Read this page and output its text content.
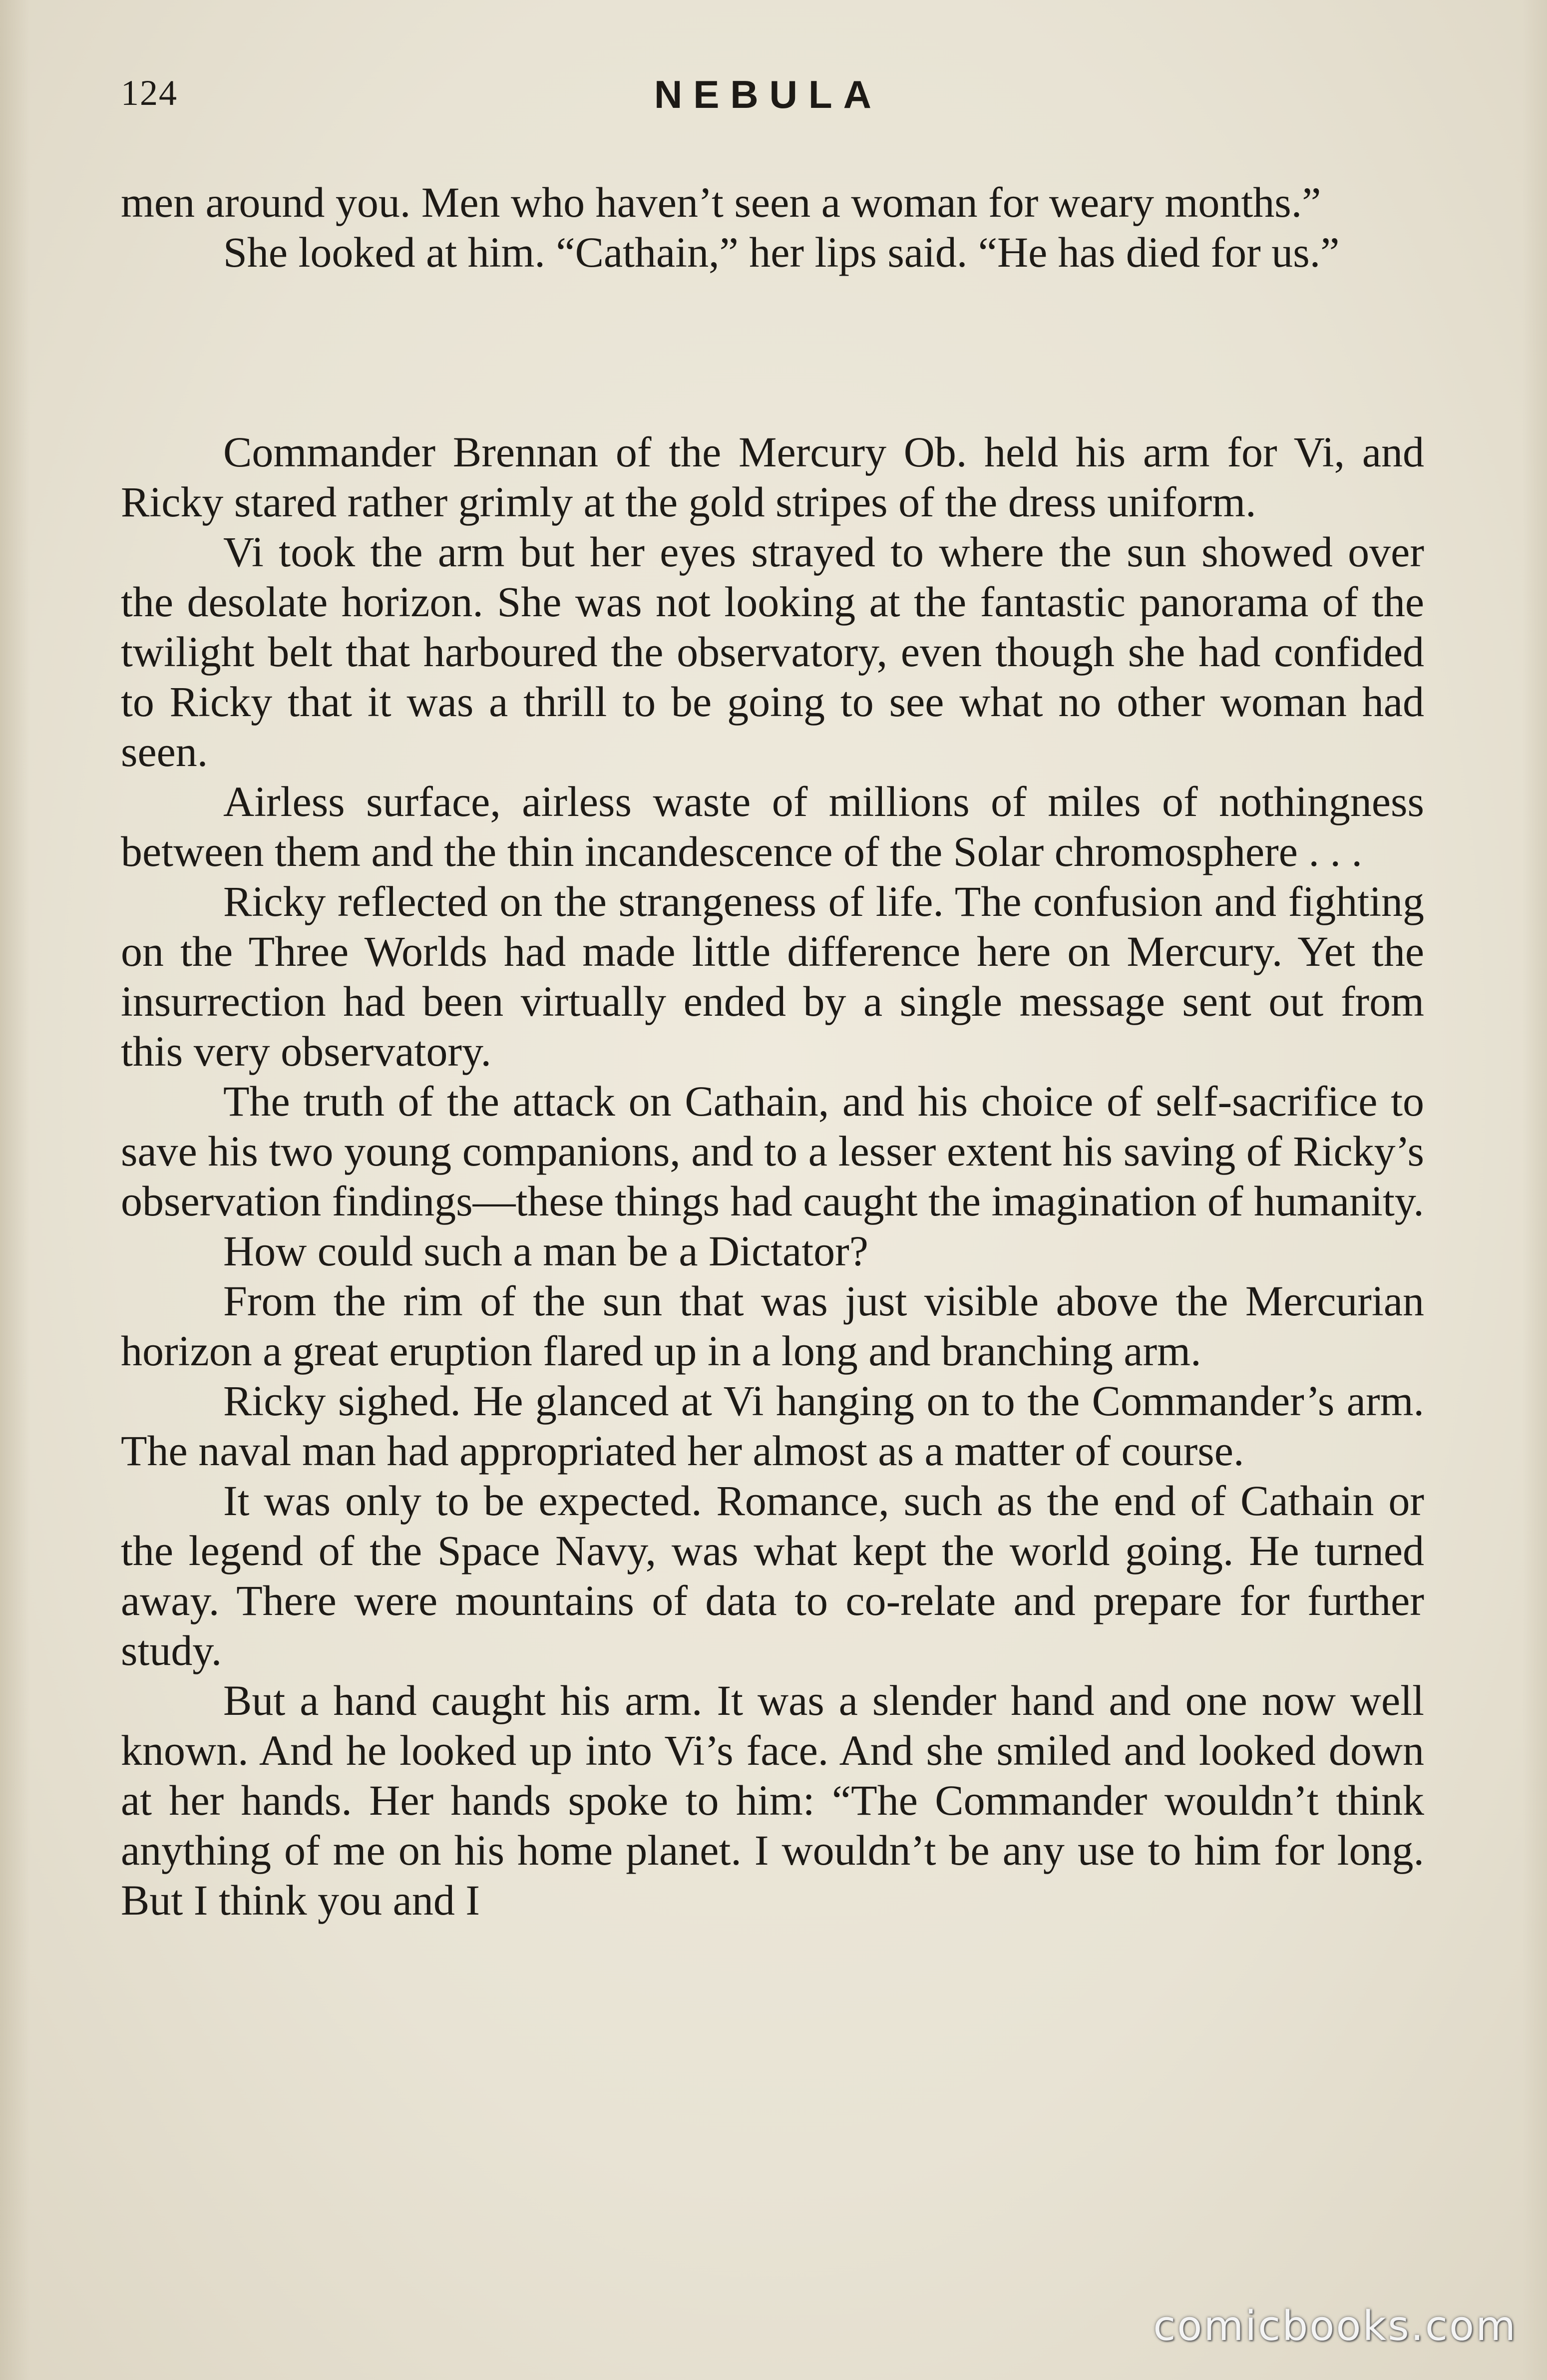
124	NEBULA

men around you. Men who haven’t seen a woman for weary months.”

She looked at him. “Cathain,” her lips said. “He has died for us.”

Commander Brennan of the Mercury Ob. held his arm for Vi, and Ricky stared rather grimly at the gold stripes of the dress uniform.

Vi took the arm but her eyes strayed to where the sun showed over the desolate horizon. She was not looking at the fantastic panorama of the twilight belt that harboured the observatory, even though she had confided to Ricky that it was a thrill to be going to see what no other woman had seen.

Airless surface, airless waste of millions of miles of nothingness between them and the thin incandescence of the Solar chromosphere . . .

Ricky reflected on the strangeness of life. The confusion and fighting on the Three Worlds had made little difference here on Mercury. Yet the insurrection had been virtually ended by a single message sent out from this very observatory.

The truth of the attack on Cathain, and his choice of self-sacrifice to save his two young companions, and to a lesser extent his saving of Ricky’s observation findings—these things had caught the imagination of humanity.

How could such a man be a Dictator?

From the rim of the sun that was just visible above the Mercurian horizon a great eruption flared up in a long and branching arm.

Ricky sighed. He glanced at Vi hanging on to the Commander’s arm. The naval man had appropriated her almost as a matter of course.

It was only to be expected. Romance, such as the end of Cathain or the legend of the Space Navy, was what kept the world going. He turned away. There were mountains of data to co-relate and prepare for further study.

But a hand caught his arm. It was a slender hand and one now well known. And he looked up into Vi’s face. And she smiled and looked down at her hands. Her hands spoke to him: “The Commander wouldn’t think anything of me on his home planet. I wouldn’t be any use to him for long. But I think you and I

comicbooks.com
